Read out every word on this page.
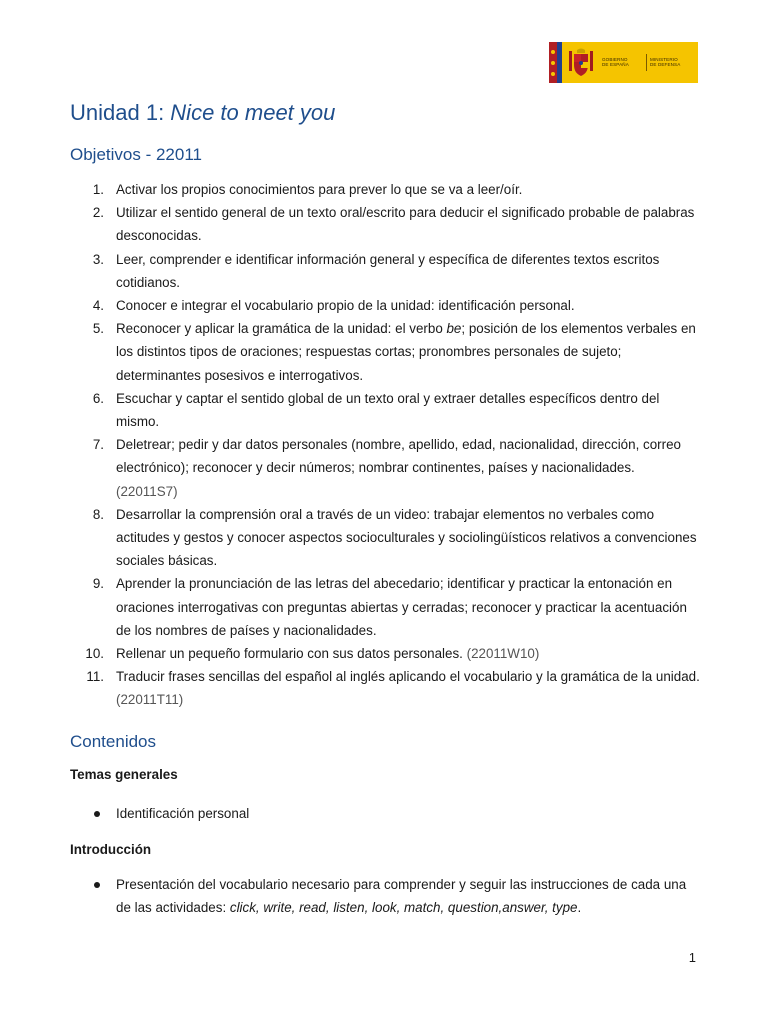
GOBIERNO
DE ESPAÑA
MINISTERIO
DE DEFENSA
Unidad 1: Nice to meet you
Objetivos - 22011
1. Activar los propios conocimientos para prever lo que se va a leer/oír.
2. Utilizar el sentido general de un texto oral/escrito para deducir el significado probable de palabras desconocidas.
3. Leer, comprender e identificar información general y específica de diferentes textos escritos cotidianos.
4. Conocer e integrar el vocabulario propio de la unidad: identificación personal.
5. Reconocer y aplicar la gramática de la unidad: el verbo be; posición de los elementos verbales en los distintos tipos de oraciones; respuestas cortas; pronombres personales de sujeto; determinantes posesivos e interrogativos.
6. Escuchar y captar el sentido global de un texto oral y extraer detalles específicos dentro del mismo.
7. Deletrear; pedir y dar datos personales (nombre, apellido, edad, nacionalidad, dirección, correo electrónico); reconocer y decir números; nombrar continentes, países y nacionalidades. (22011S7)
8. Desarrollar la comprensión oral a través de un video: trabajar elementos no verbales como actitudes y gestos y conocer aspectos socioculturales y sociolingüísticos relativos a convenciones sociales básicas.
9. Aprender la pronunciación de las letras del abecedario; identificar y practicar la entonación en oraciones interrogativas con preguntas abiertas y cerradas; reconocer y practicar la acentuación de los nombres de países y nacionalidades.
10. Rellenar un pequeño formulario con sus datos personales. (22011W10)
11. Traducir frases sencillas del español al inglés aplicando el vocabulario y la gramática de la unidad. (22011T11)
Contenidos
Temas generales
Identificación personal
Introducción
Presentación del vocabulario necesario para comprender y seguir las instrucciones de cada una de las actividades: click, write, read, listen, look, match, question,answer, type.
1
